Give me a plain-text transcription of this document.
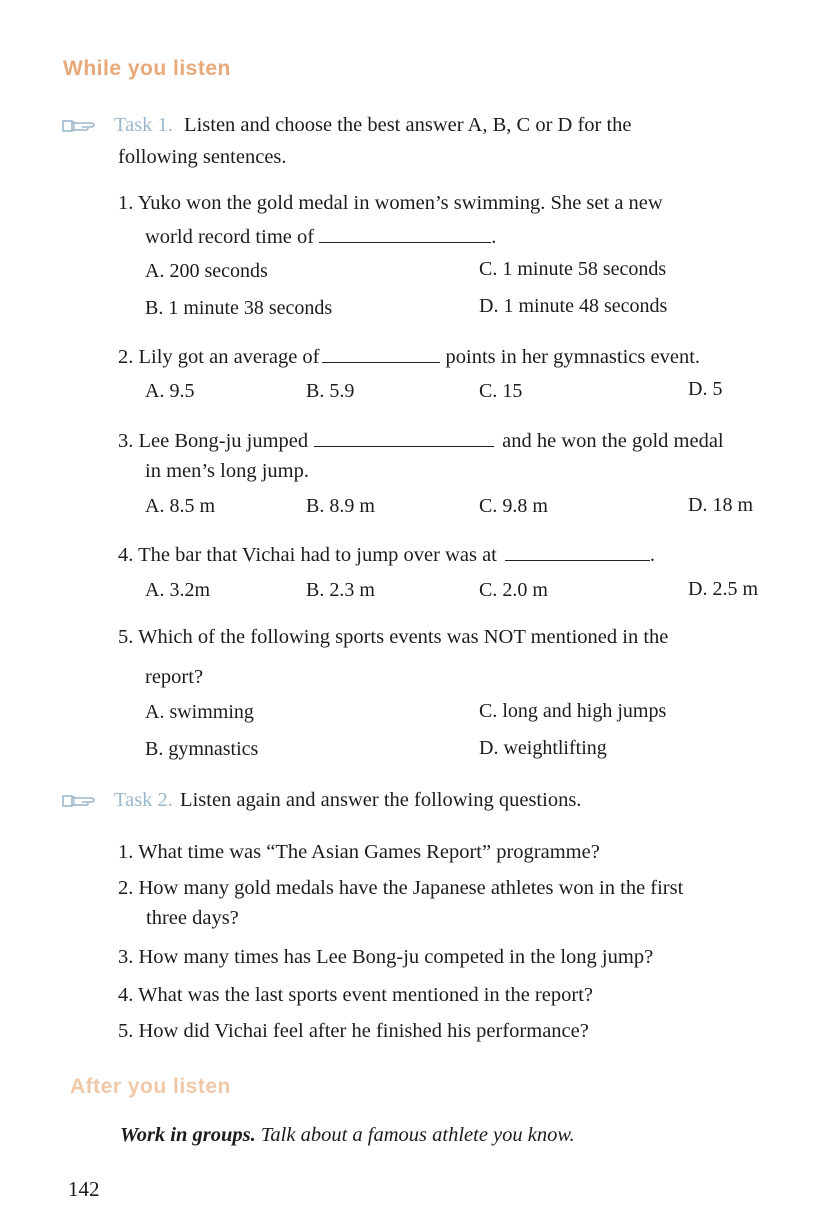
While you listen
Task 1. Listen and choose the best answer A, B, C or D for the
following sentences.
1. Yuko won the gold medal in women’s swimming. She set a new
world record time of	.
A. 200 seconds
B. 1 minute 38 seconds
C. 1 minute 58 seconds
D. 1 minute 48 seconds
2. Lily got an average of	points in her gymnastics event.
A. 9.5	B. 5.9	C. 15	D. 5
3. Lee Bong-ju jumped	and he won the gold medal
in men’s long jump.
A. 8.5 m	B. 8.9 m	C. 9.8 m	D. 18 m
4. The bar that Vichai had to jump over was at	.
A. 3.2m	B. 2.3 m	C. 2.0 m	D. 2.5 m
5. Which of the following sports events was NOT mentioned in the
report?
A. swimming
B. gymnastics
C. long and high jumps
D. weightlifting
Task 2. Listen again and answer the following questions.
1. What time was “The Asian Games Report” programme?
2. How many gold medals have the Japanese athletes won in the first
three days?
3. How many times has Lee Bong-ju competed in the long jump?
4. What was the last sports event mentioned in the report?
5. How did Vichai feel after he finished his performance?
After you listen
Work in groups. Talk about a famous athlete you know.
142
